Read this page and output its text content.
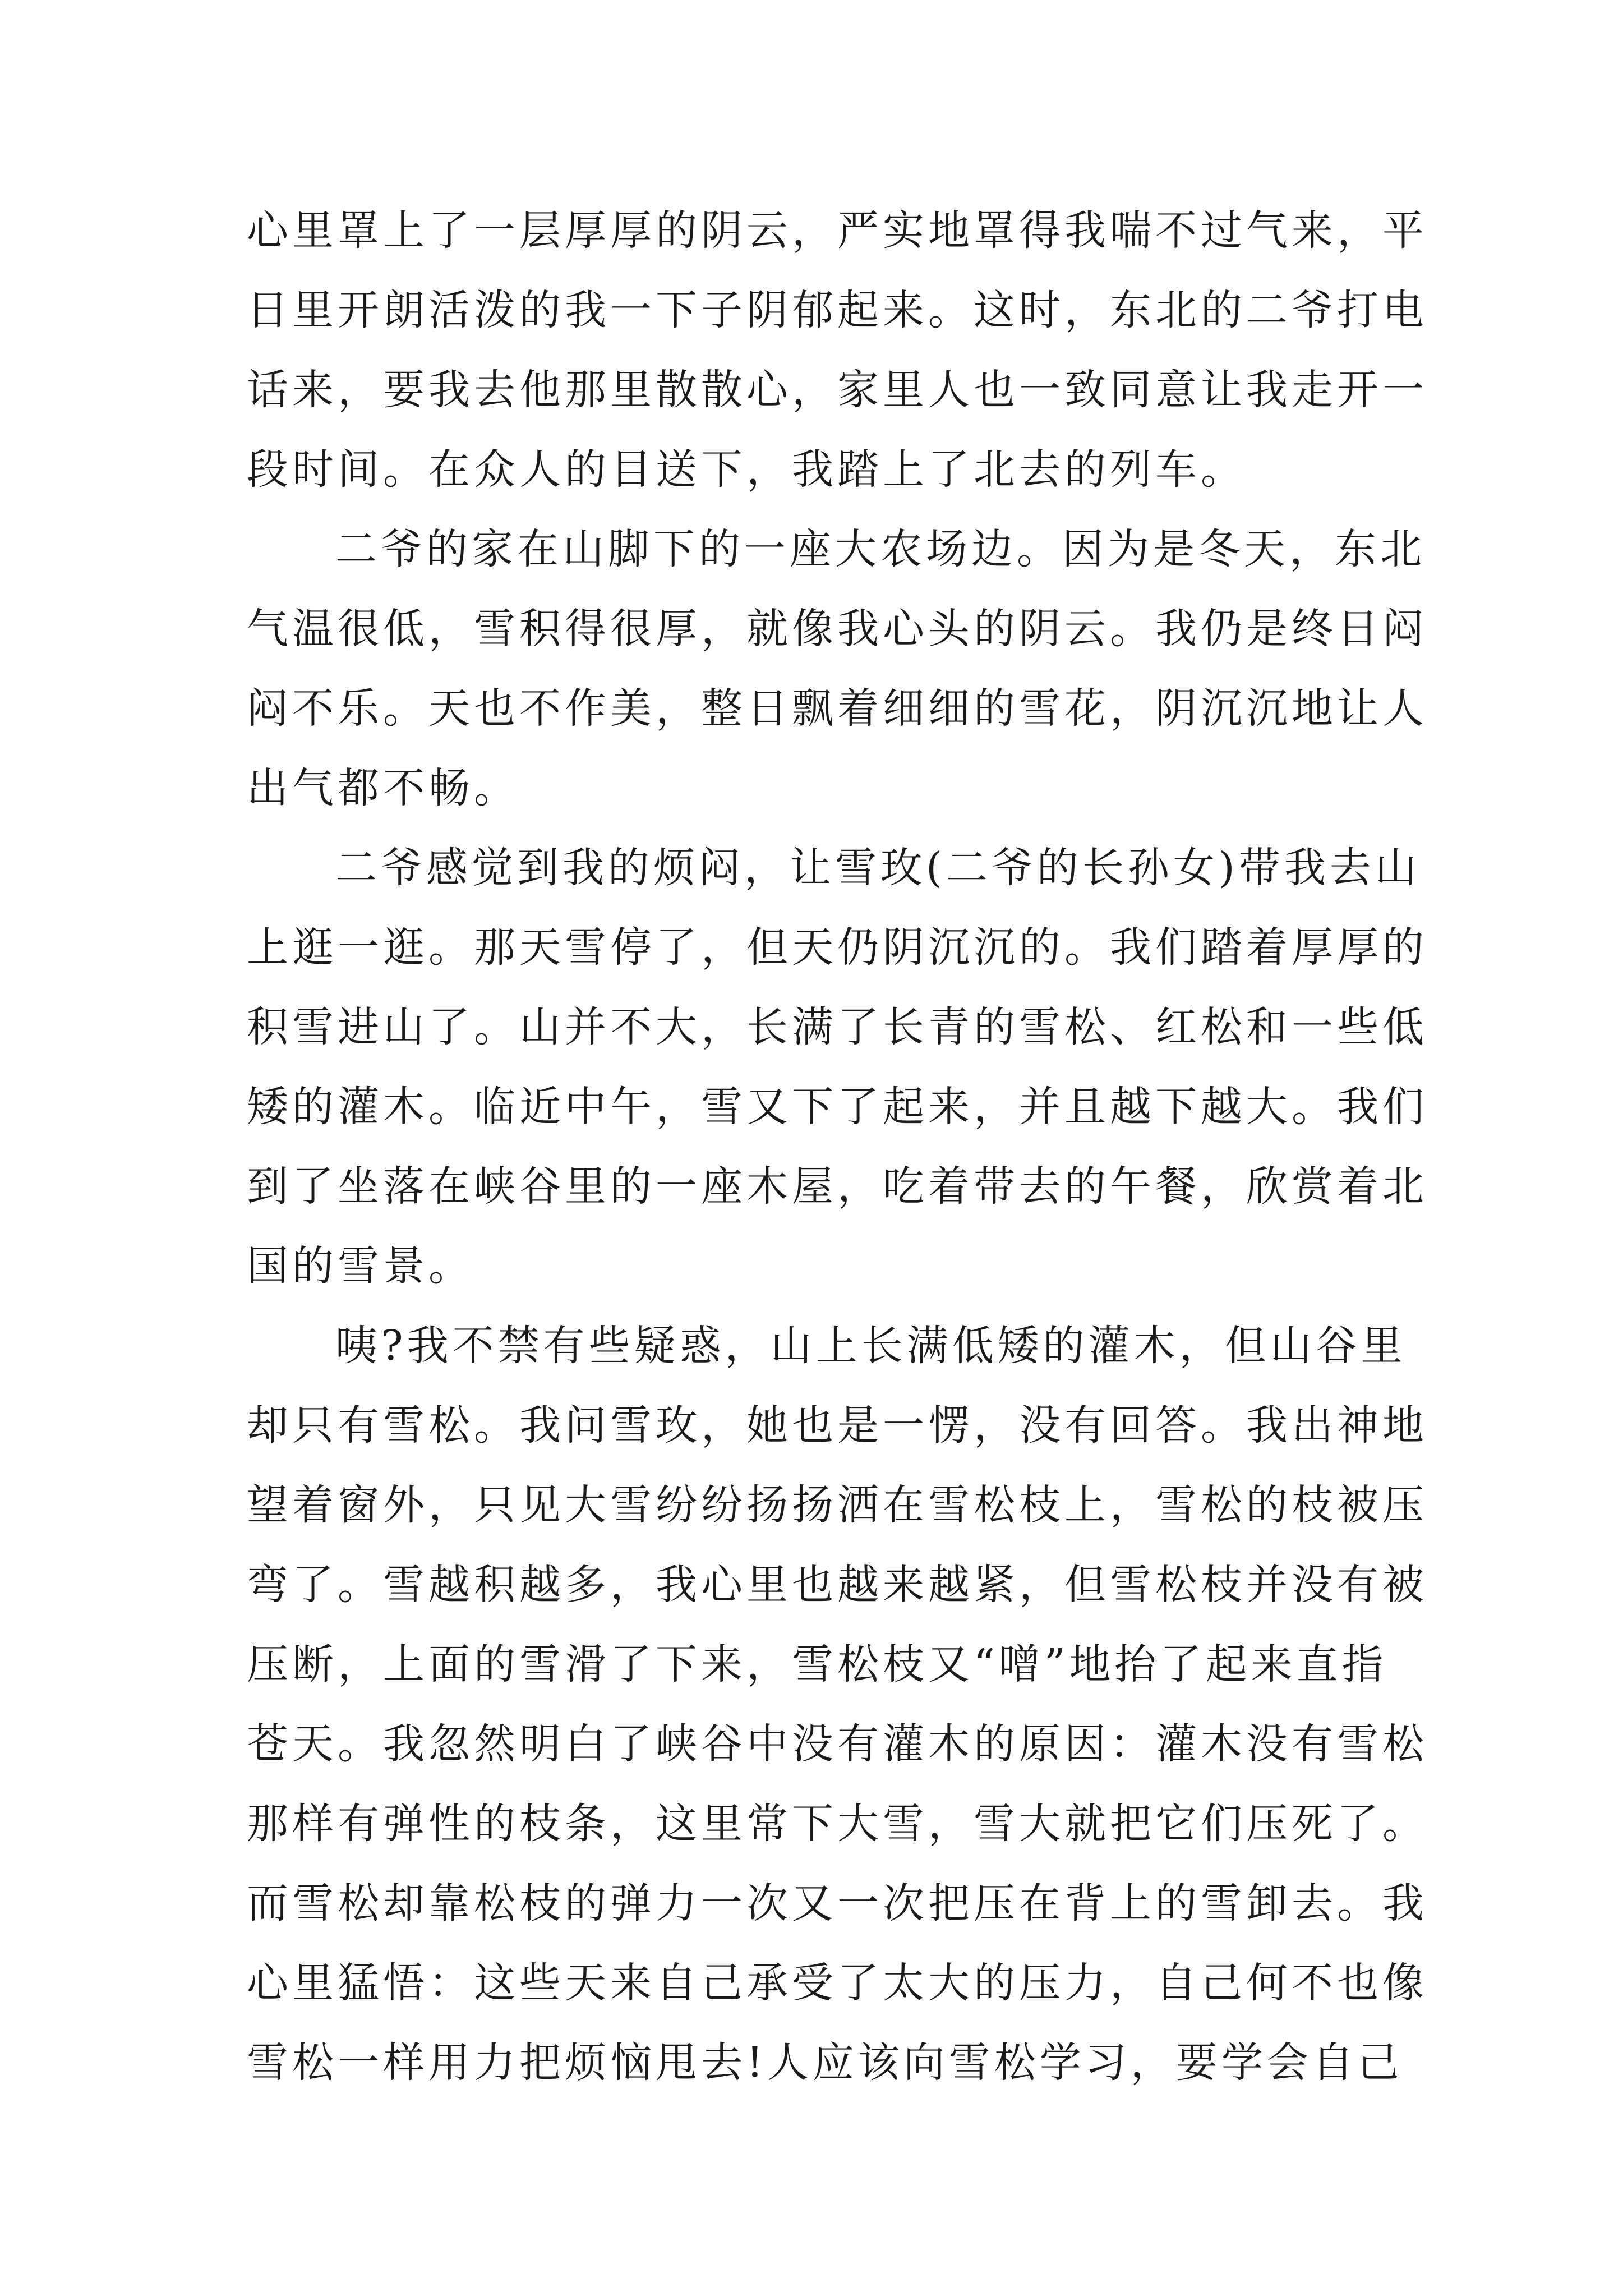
心里罩上了一层厚厚的阴云，严实地罩得我喘不过气来，平
日里开朗活泼的我一下子阴郁起来。这时，东北的二爷打电
话来，要我去他那里散散心，家里人也一致同意让我走开一
段时间。在众人的目送下，我踏上了北去的列车。
二爷的家在山脚下的一座大农场边。因为是冬天，东北
气温很低，雪积得很厚，就像我心头的阴云。我仍是终日闷
闷不乐。天也不作美，整日飘着细细的雪花，阴沉沉地让人
出气都不畅。
二爷感觉到我的烦闷，让雪玫(二爷的长孙女)带我去山
上逛一逛。那天雪停了，但天仍阴沉沉的。我们踏着厚厚的
积雪进山了。山并不大，长满了长青的雪松、红松和一些低
矮的灌木。临近中午，雪又下了起来，并且越下越大。我们
到了坐落在峡谷里的一座木屋，吃着带去的午餐，欣赏着北
国的雪景。
咦?我不禁有些疑惑，山上长满低矮的灌木，但山谷里
却只有雪松。我问雪玫，她也是一愣，没有回答。我出神地
望着窗外，只见大雪纷纷扬扬洒在雪松枝上，雪松的枝被压
弯了。雪越积越多，我心里也越来越紧，但雪松枝并没有被
压断，上面的雪滑了下来，雪松枝又“噌”地抬了起来直指
苍天。我忽然明白了峡谷中没有灌木的原因：灌木没有雪松
那样有弹性的枝条，这里常下大雪，雪大就把它们压死了。
而雪松却靠松枝的弹力一次又一次把压在背上的雪卸去。我
心里猛悟：这些天来自己承受了太大的压力，自己何不也像
雪松一样用力把烦恼甩去!人应该向雪松学习，要学会自己
